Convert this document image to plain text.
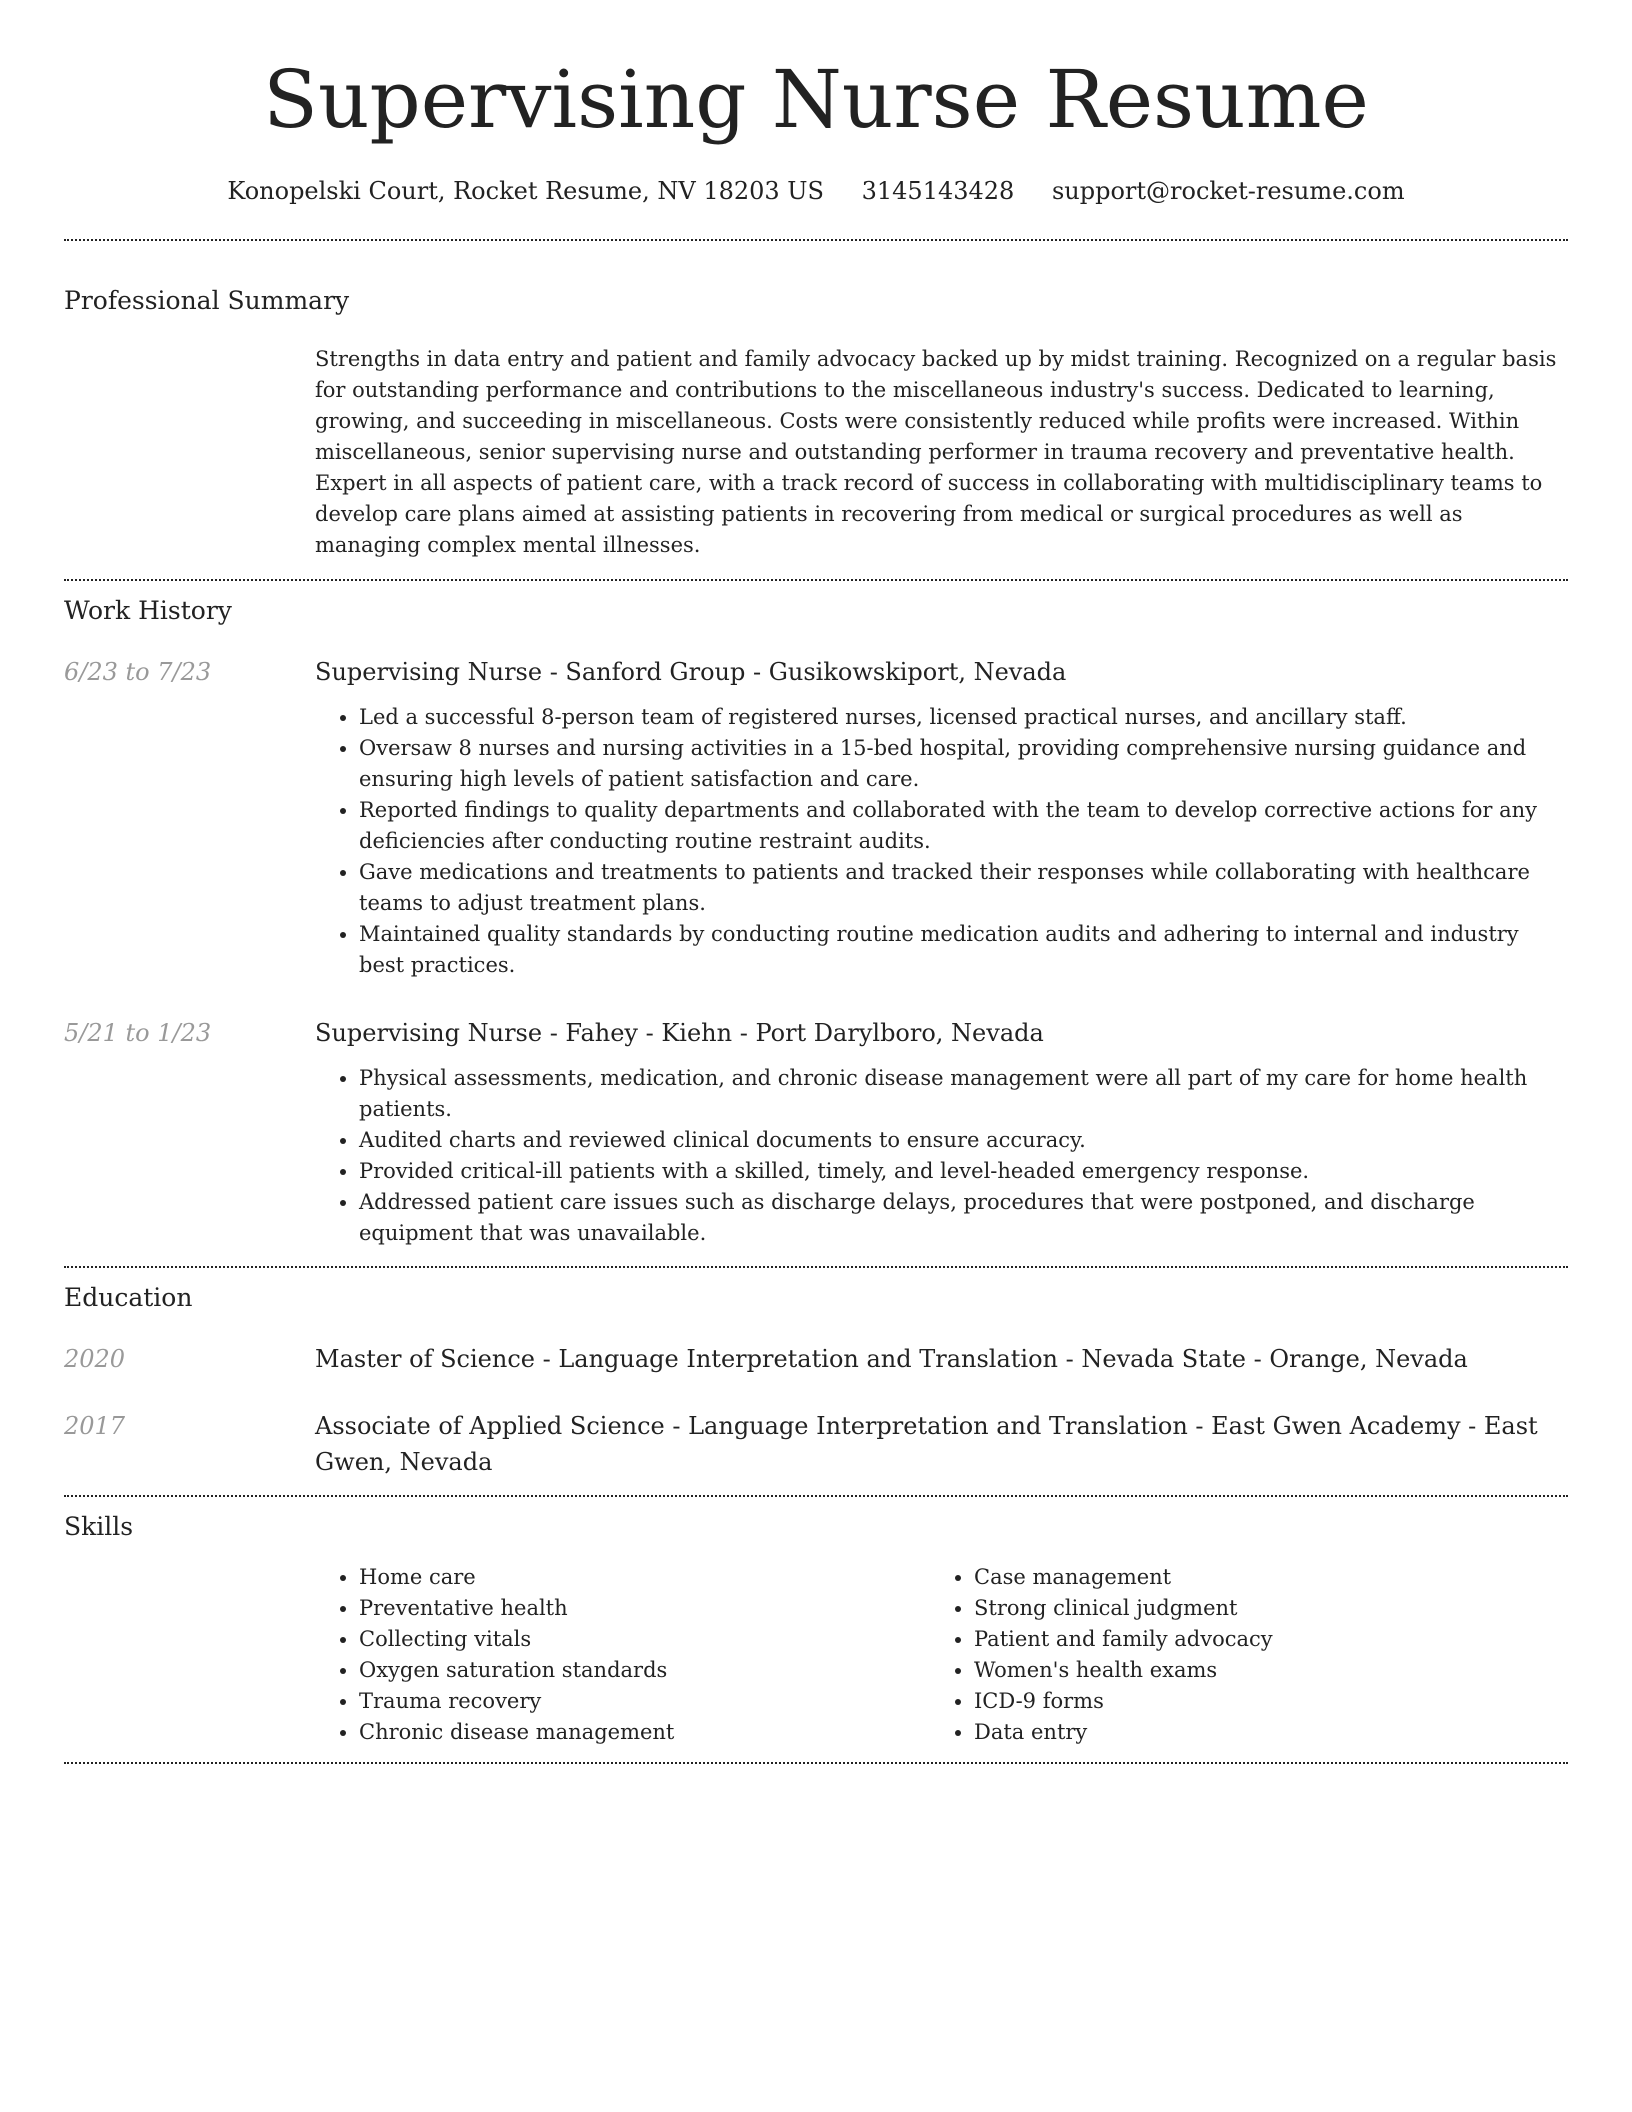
Supervising Nurse Resume
Konopelski Court, Rocket Resume, NV 18203 US 3145143428 support@rocket-resume.com
Professional Summary

Strengths in data entry and patient and family advocacy backed up by midst training. Recognized on a regular basis for outstanding performance and contributions to the miscellaneous industry's success. Dedicated to learning, growing, and succeeding in miscellaneous. Costs were consistently reduced while profits were increased. Within miscellaneous, senior supervising nurse and outstanding performer in trauma recovery and preventative health. Expert in all aspects of patient care, with a track record of success in collaborating with multidisciplinary teams to develop care plans aimed at assisting patients in recovering from medical or surgical procedures as well as managing complex mental illnesses.

Work History
6/23 to 7/23	Supervising Nurse - Sanford Group - Gusikowskiport, Nevada
• Led a successful 8-person team of registered nurses, licensed practical nurses, and ancillary staff.
• Oversaw 8 nurses and nursing activities in a 15-bed hospital, providing comprehensive nursing guidance and ensuring high levels of patient satisfaction and care.
• Reported findings to quality departments and collaborated with the team to develop corrective actions for any deficiencies after conducting routine restraint audits.
• Gave medications and treatments to patients and tracked their responses while collaborating with healthcare teams to adjust treatment plans.
• Maintained quality standards by conducting routine medication audits and adhering to internal and industry best practices.
5/21 to 1/23	Supervising Nurse - Fahey - Kiehn - Port Darylboro, Nevada
• Physical assessments, medication, and chronic disease management were all part of my care for home health patients.
• Audited charts and reviewed clinical documents to ensure accuracy.
• Provided critical-ill patients with a skilled, timely, and level-headed emergency response.
• Addressed patient care issues such as discharge delays, procedures that were postponed, and discharge equipment that was unavailable.
Education
2020	Master of Science - Language Interpretation and Translation - Nevada State - Orange, Nevada
2017	Associate of Applied Science - Language Interpretation and Translation - East Gwen Academy - East Gwen, Nevada
Skills
• Home care
• Preventative health
• Collecting vitals
• Oxygen saturation standards
• Trauma recovery
• Chronic disease management
• Case management
• Strong clinical judgment
• Patient and family advocacy
• Women's health exams
• ICD-9 forms
• Data entry
